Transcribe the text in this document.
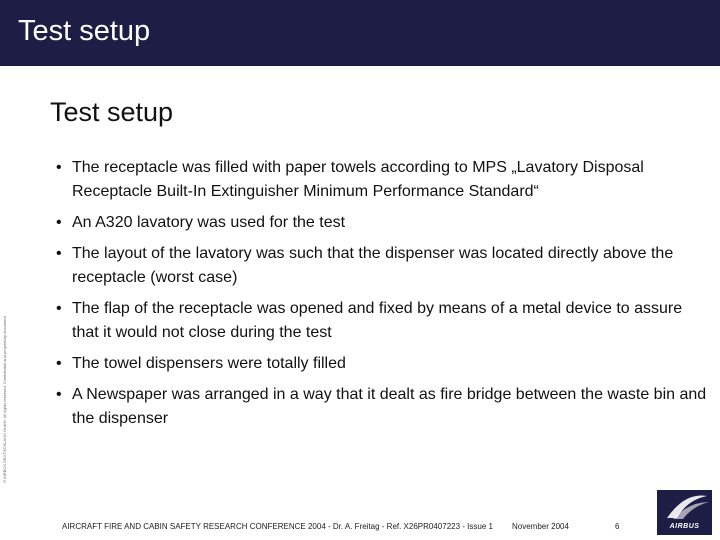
Test setup
Test setup
• The receptacle was filled with paper towels according to MPS „Lavatory Disposal Receptacle Built-In Extinguisher Minimum Performance Standard“
• An A320 lavatory was used for the test
• The layout of the lavatory was such that the dispenser was located directly above the receptacle (worst case)
• The flap of the receptacle was opened and fixed by means of a metal device to assure that it would not close during the test
• The towel dispensers were totally filled
• A Newspaper was arranged in a way that it dealt as fire bridge between the waste bin and the dispenser
© AIRBUS DEUTSCHLAND GmbH. All rights reserved. Confidential and proprietary document.
AIRCRAFT FIRE AND CABIN SAFETY RESEARCH CONFERENCE 2004 - Dr. A. Freitag - Ref. X26PR0407223 - Issue 1 November 2004	6	AIRBUS
